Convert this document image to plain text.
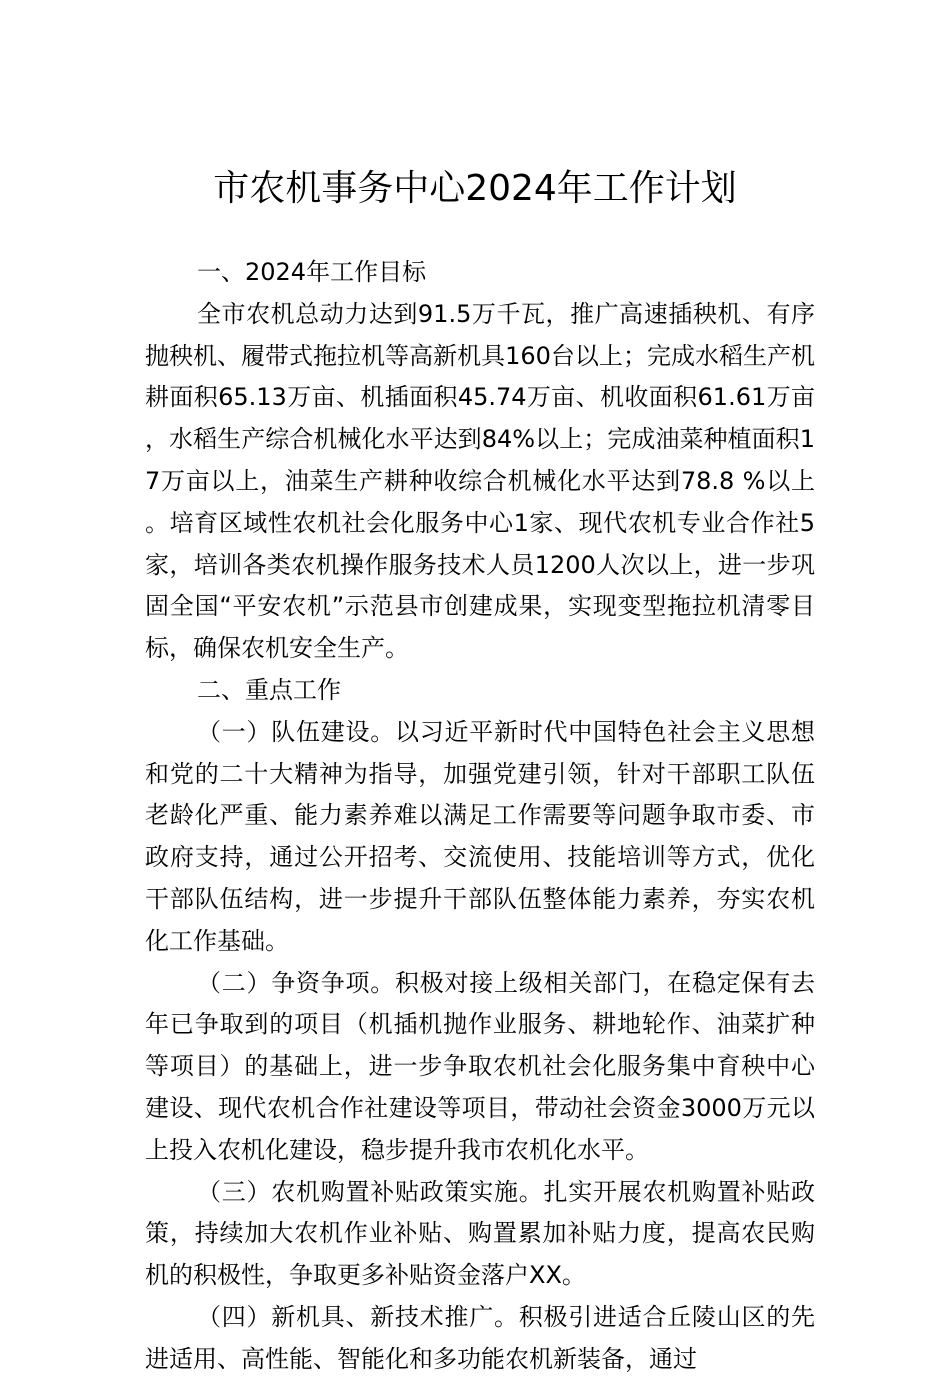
市农机事务中心2024年工作计划

一、2024年工作目标

全市农机总动力达到91.5万千瓦，推广高速插秧机、有序抛秧机、履带式拖拉机等高新机具160台以上；完成水稻生产机耕面积65.13万亩、机插面积45.74万亩、机收面积61.61万亩，水稻生产综合机械化水平达到84%以上；完成油菜种植面积17万亩以上，油菜生产耕种收综合机械化水平达到78.8 %以上。培育区域性农机社会化服务中心1家、现代农机专业合作社5家，培训各类农机操作服务技术人员1200人次以上，进一步巩固全国“平安农机”示范县市创建成果，实现变型拖拉机清零目标，确保农机安全生产。

二、重点工作

（一）队伍建设。以习近平新时代中国特色社会主义思想和党的二十大精神为指导，加强党建引领，针对干部职工队伍老龄化严重、能力素养难以满足工作需要等问题争取市委、市政府支持，通过公开招考、交流使用、技能培训等方式，优化干部队伍结构，进一步提升干部队伍整体能力素养，夯实农机化工作基础。

（二）争资争项。积极对接上级相关部门，在稳定保有去年已争取到的项目（机插机抛作业服务、耕地轮作、油菜扩种等项目）的基础上，进一步争取农机社会化服务集中育秧中心建设、现代农机合作社建设等项目，带动社会资金3000万元以上投入农机化建设，稳步提升我市农机化水平。

（三）农机购置补贴政策实施。扎实开展农机购置补贴政策，持续加大农机作业补贴、购置累加补贴力度，提高农民购机的积极性，争取更多补贴资金落户XX。

（四）新机具、新技术推广。积极引进适合丘陵山区的先进适用、高性能、智能化和多功能农机新装备，通过
